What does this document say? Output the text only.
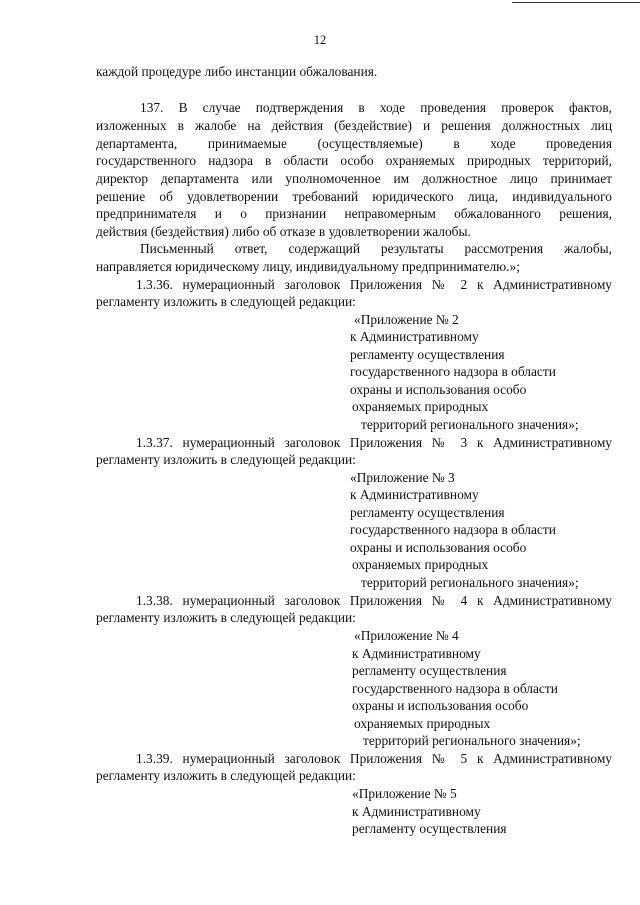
12
каждой процедуре либо инстанции обжалования.
137. В случае подтверждения в ходе проведения проверок фактов,
изложенных в жалобе на действия (бездействие) и решения должностных лиц
департамента, принимаемые (осуществляемые) в ходе проведения
государственного надзора в области особо охраняемых природных территорий,
директор департамента или уполномоченное им должностное лицо принимает
решение об удовлетворении требований юридического лица, индивидуального
предпринимателя и о признании неправомерным обжалованного решения,
действия (бездействия) либо об отказе в удовлетворении жалобы.
Письменный ответ, содержащий результаты рассмотрения жалобы,
направляется юридическому лицу, индивидуальному предпринимателю.»;
1.3.36. нумерационный заголовок Приложения № 2 к Административному
регламенту изложить в следующей редакции:
«Приложение № 2
к Административному
регламенту осуществления
государственного надзора в области
охраны и использования особо
охраняемых природных
территорий регионального значения»;
1.3.37. нумерационный заголовок Приложения № 3 к Административному
регламенту изложить в следующей редакции:
«Приложение № 3
к Административному
регламенту осуществления
государственного надзора в области
охраны и использования особо
охраняемых природных
территорий регионального значения»;
1.3.38. нумерационный заголовок Приложения № 4 к Административному
регламенту изложить в следующей редакции:
«Приложение № 4
к Административному
регламенту осуществления
государственного надзора в области
охраны и использования особо
охраняемых природных
территорий регионального значения»;
1.3.39. нумерационный заголовок Приложения № 5 к Административному
регламенту изложить в следующей редакции:
«Приложение № 5
к Административному
регламенту осуществления
